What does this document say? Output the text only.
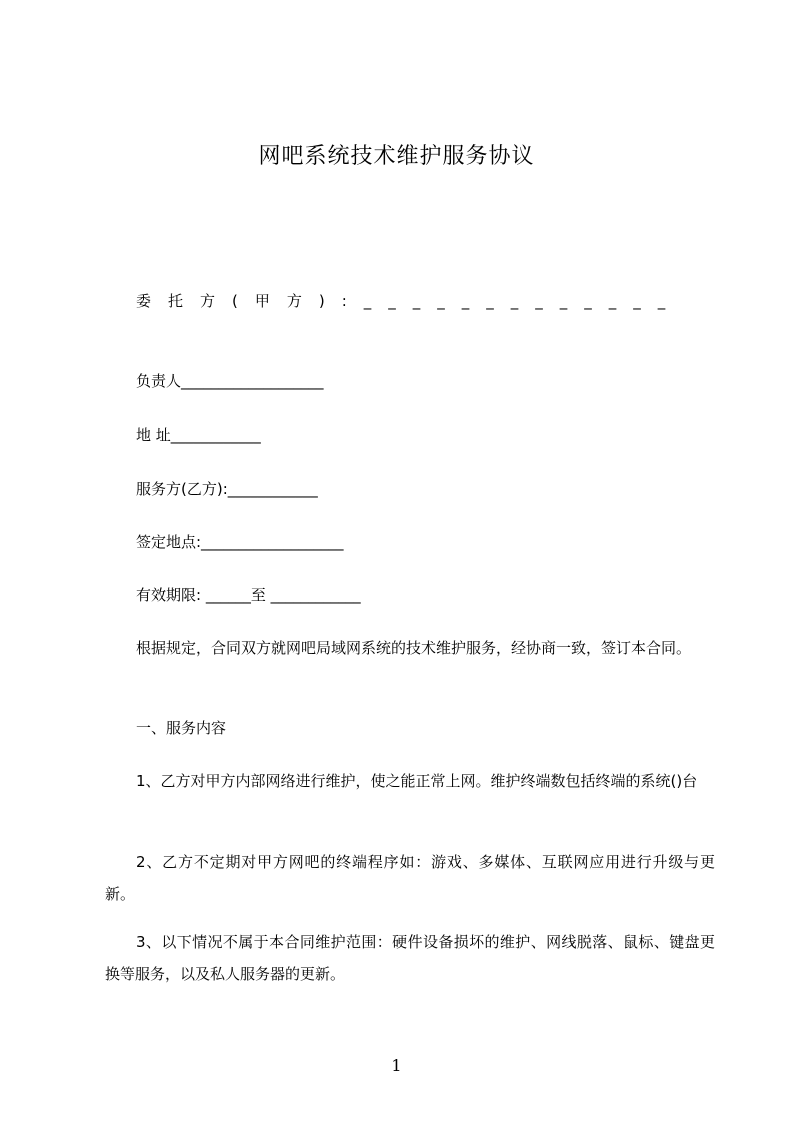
网吧系统技术维护服务协议
委托方(甲方):_____________
负责人___________________
地 址____________
服务方(乙方):____________
签定地点:___________________
有效期限: ______至 ____________
根据规定，合同双方就网吧局域网系统的技术维护服务，经协商一致，签订本合同。
一、服务内容
1、乙方对甲方内部网络进行维护，使之能正常上网。维护终端数包括终端的系统()台
2、乙方不定期对甲方网吧的终端程序如：游戏、多媒体、互联网应用进行升级与更新。
3、以下情况不属于本合同维护范围：硬件设备损坏的维护、网线脱落、鼠标、键盘更换等服务，以及私人服务器的更新。
1
